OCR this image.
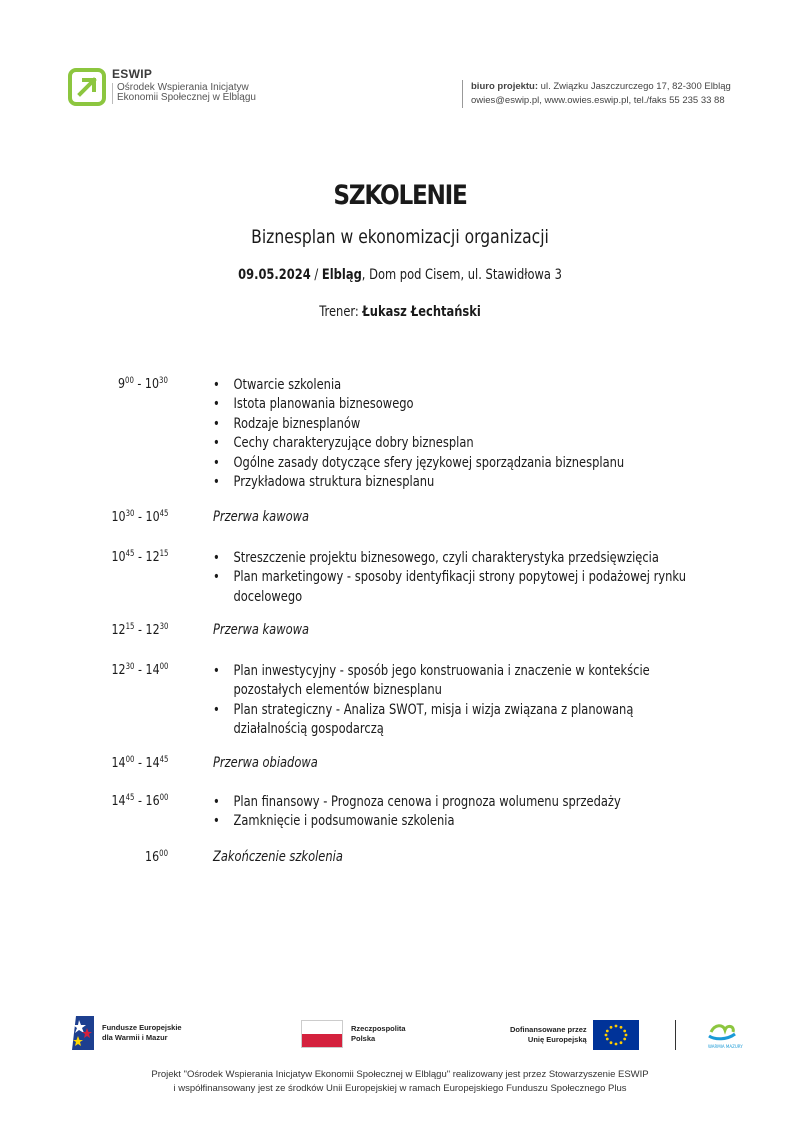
ESWIP
Ośrodek Wspierania Inicjatyw
Ekonomii Społecznej w Elblągu
biuro projektu: ul. Związku Jaszczurczego 17, 82-300 Elbląg
owies@eswip.pl, www.owies.eswip.pl, tel./faks 55 235 33 88
SZKOLENIE
Biznesplan w ekonomizacji organizacji
09.05.2024 / Elbląg, Dom pod Cisem, ul. Stawidłowa 3
Trener: Łukasz Łechtański
$9^{00} - 10^{30}$	• Otwarcie szkolenia
• Istota planowania biznesowego
• Rodzaje biznesplanów
• Cechy charakteryzujące dobry biznesplan
• Ogólne zasady dotyczące sfery językowej sporządzania biznesplanu
• Przykładowa struktura biznesplanu
$10^{30} - 10^{45}$	Przerwa kawowa
$10^{45} - 12^{15}$	• Streszczenie projektu biznesowego, czyli charakterystyka przedsięwzięcia
• Plan marketingowy - sposoby identyfikacji strony popytowej i podażowej rynku docelowego
$12^{15} - 12^{30}$	Przerwa kawowa
$12^{30} - 14^{00}$	• Plan inwestycyjny - sposób jego konstruowania i znaczenie w kontekście pozostałych elementów biznesplanu
• Plan strategiczny - Analiza SWOT, misja i wizja związana z planowaną działalnością gospodarczą
$14^{00} - 14^{45}$	Przerwa obiadowa
$14^{45} - 16^{00}$	• Plan finansowy - Prognoza cenowa i prognoza wolumenu sprzedaży
• Zamknięcie i podsumowanie szkolenia
$16^{00}$	Zakończenie szkolenia
Fundusze Europejskie
dla Warmii i Mazur
Rzeczpospolita
Polska
Dofinansowane przez
Unię Europejską
WARMIA MAZURY
Projekt "Ośrodek Wspierania Inicjatyw Ekonomii Społecznej w Elblągu" realizowany jest przez Stowarzyszenie ESWIP
i współfinansowany jest ze środków Unii Europejskiej w ramach Europejskiego Funduszu Społecznego Plus
